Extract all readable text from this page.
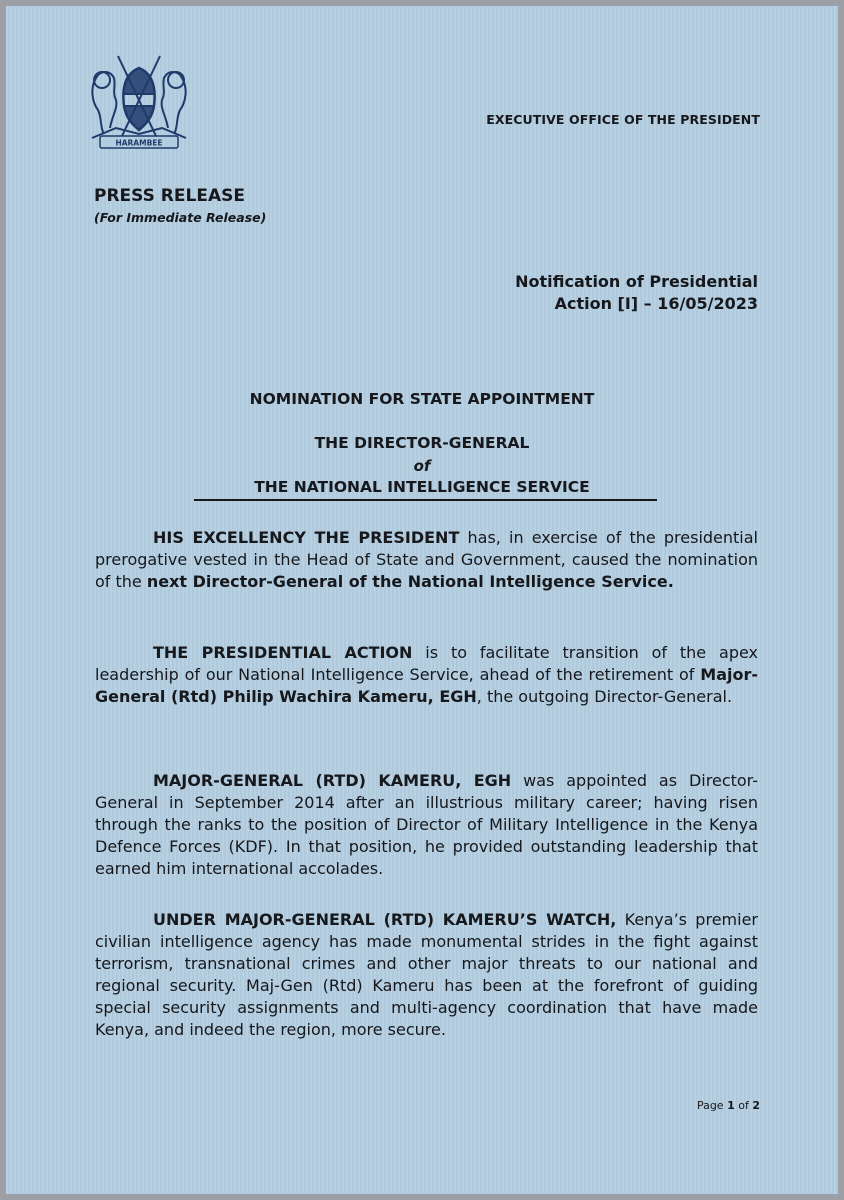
HARAMBEE
EXECUTIVE OFFICE OF THE PRESIDENT
PRESS RELEASE
(For Immediate Release)
Notification of Presidential
Action [I] – 16/05/2023
NOMINATION FOR STATE APPOINTMENT
THE DIRECTOR-GENERAL
of
THE NATIONAL INTELLIGENCE SERVICE
HIS EXCELLENCY THE PRESIDENT has, in exercise of the presidential prerogative vested in the Head of State and Government, caused the nomination of the next Director-General of the National Intelligence Service.
THE PRESIDENTIAL ACTION is to facilitate transition of the apex leadership of our National Intelligence Service, ahead of the retirement of Major-General (Rtd) Philip Wachira Kameru, EGH, the outgoing Director-General.
MAJOR-GENERAL (RTD) KAMERU, EGH was appointed as Director-General in September 2014 after an illustrious military career; having risen through the ranks to the position of Director of Military Intelligence in the Kenya Defence Forces (KDF). In that position, he provided outstanding leadership that earned him international accolades.
UNDER MAJOR-GENERAL (RTD) KAMERU’S WATCH, Kenya’s premier civilian intelligence agency has made monumental strides in the fight against terrorism, transnational crimes and other major threats to our national and regional security. Maj-Gen (Rtd) Kameru has been at the forefront of guiding special security assignments and multi-agency coordination that have made Kenya, and indeed the region, more secure.
Page 1 of 2
